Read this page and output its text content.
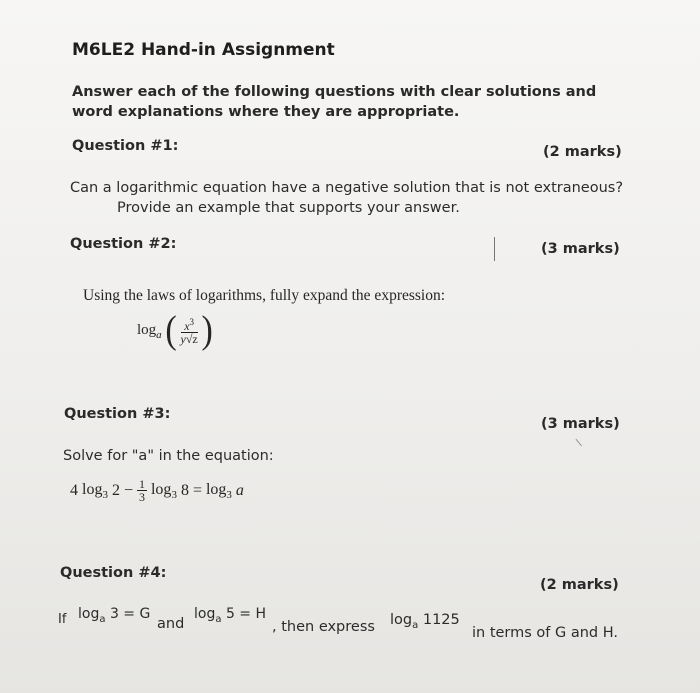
M6LE2 Hand-in Assignment
Answer each of the following questions with clear solutions and
word explanations where they are appropriate.
Question #1:	(2 marks)
Can a logarithmic equation have a negative solution that is not extraneous?
Provide an example that supports your answer.
Question #2:	(3 marks)
Using the laws of logarithms, fully expand the expression:
$\log_a$ ( $\frac{x^3}{y√z}$ )
Question #3:
(3 marks)
Solve for "a" in the equation:
4 $\log_3 2 - \frac{1}{3} \log_3 8 = \log_3 a$
Question #4:
(2 marks)
If $\log_a 3 = G$
and
$\log_a 5 = H$
, then express $\log_a 1125$
in terms of G and H.
